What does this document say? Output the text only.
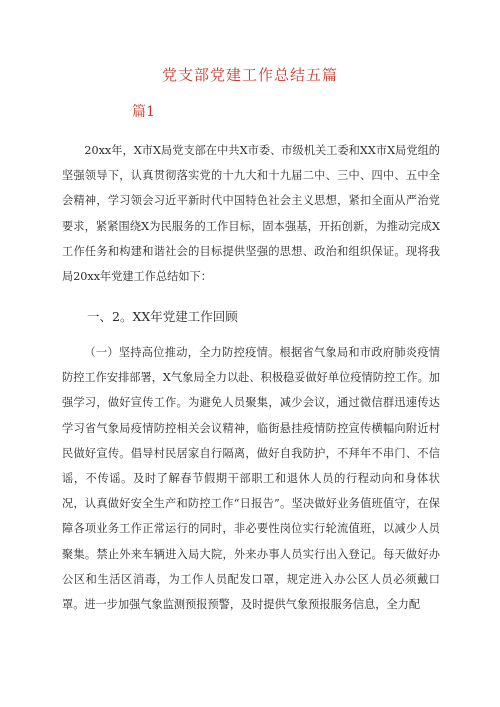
党支部党建工作总结五篇
篇1

20xx年，X市X局党支部在中共X市委、市级机关工委和XX市X局党组的坚强领导下，认真贯彻落实党的十九大和十九届二中、三中、四中、五中全会精神，学习领会习近平新时代中国特色社会主义思想，紧扣全面从严治党要求，紧紧围绕X为民服务的工作目标，固本强基，开拓创新，为推动完成X工作任务和构建和谐社会的目标提供坚强的思想、政治和组织保证。现将我局20xx年党建工作总结如下：

一、2。XX年党建工作回顾

（一）坚持高位推动，全力防控疫情。根据省气象局和市政府肺炎疫情防控工作安排部署，X气象局全力以赴、积极稳妥做好单位疫情防控工作。加强学习，做好宣传工作。为避免人员聚集，减少会议，通过微信群迅速传达学习省气象局疫情防控相关会议精神，临街悬挂疫情防控宣传横幅向附近村民做好宣传。倡导村民居家自行隔离，做好自我防护，不拜年不串门、不信谣，不传谣。及时了解春节假期干部职工和退休人员的行程动向和身体状况，认真做好安全生产和防控工作“日报告”。坚决做好业务值班值守，在保障各项业务工作正常运行的同时，非必要性岗位实行轮流值班，以减少人员聚集。禁止外来车辆进入局大院，外来办事人员实行出入登记。每天做好办公区和生活区消毒，为工作人员配发口罩，规定进入办公区人员必须戴口罩。进一步加强气象监测预报预警，及时提供气象预报服务信息，全力配
